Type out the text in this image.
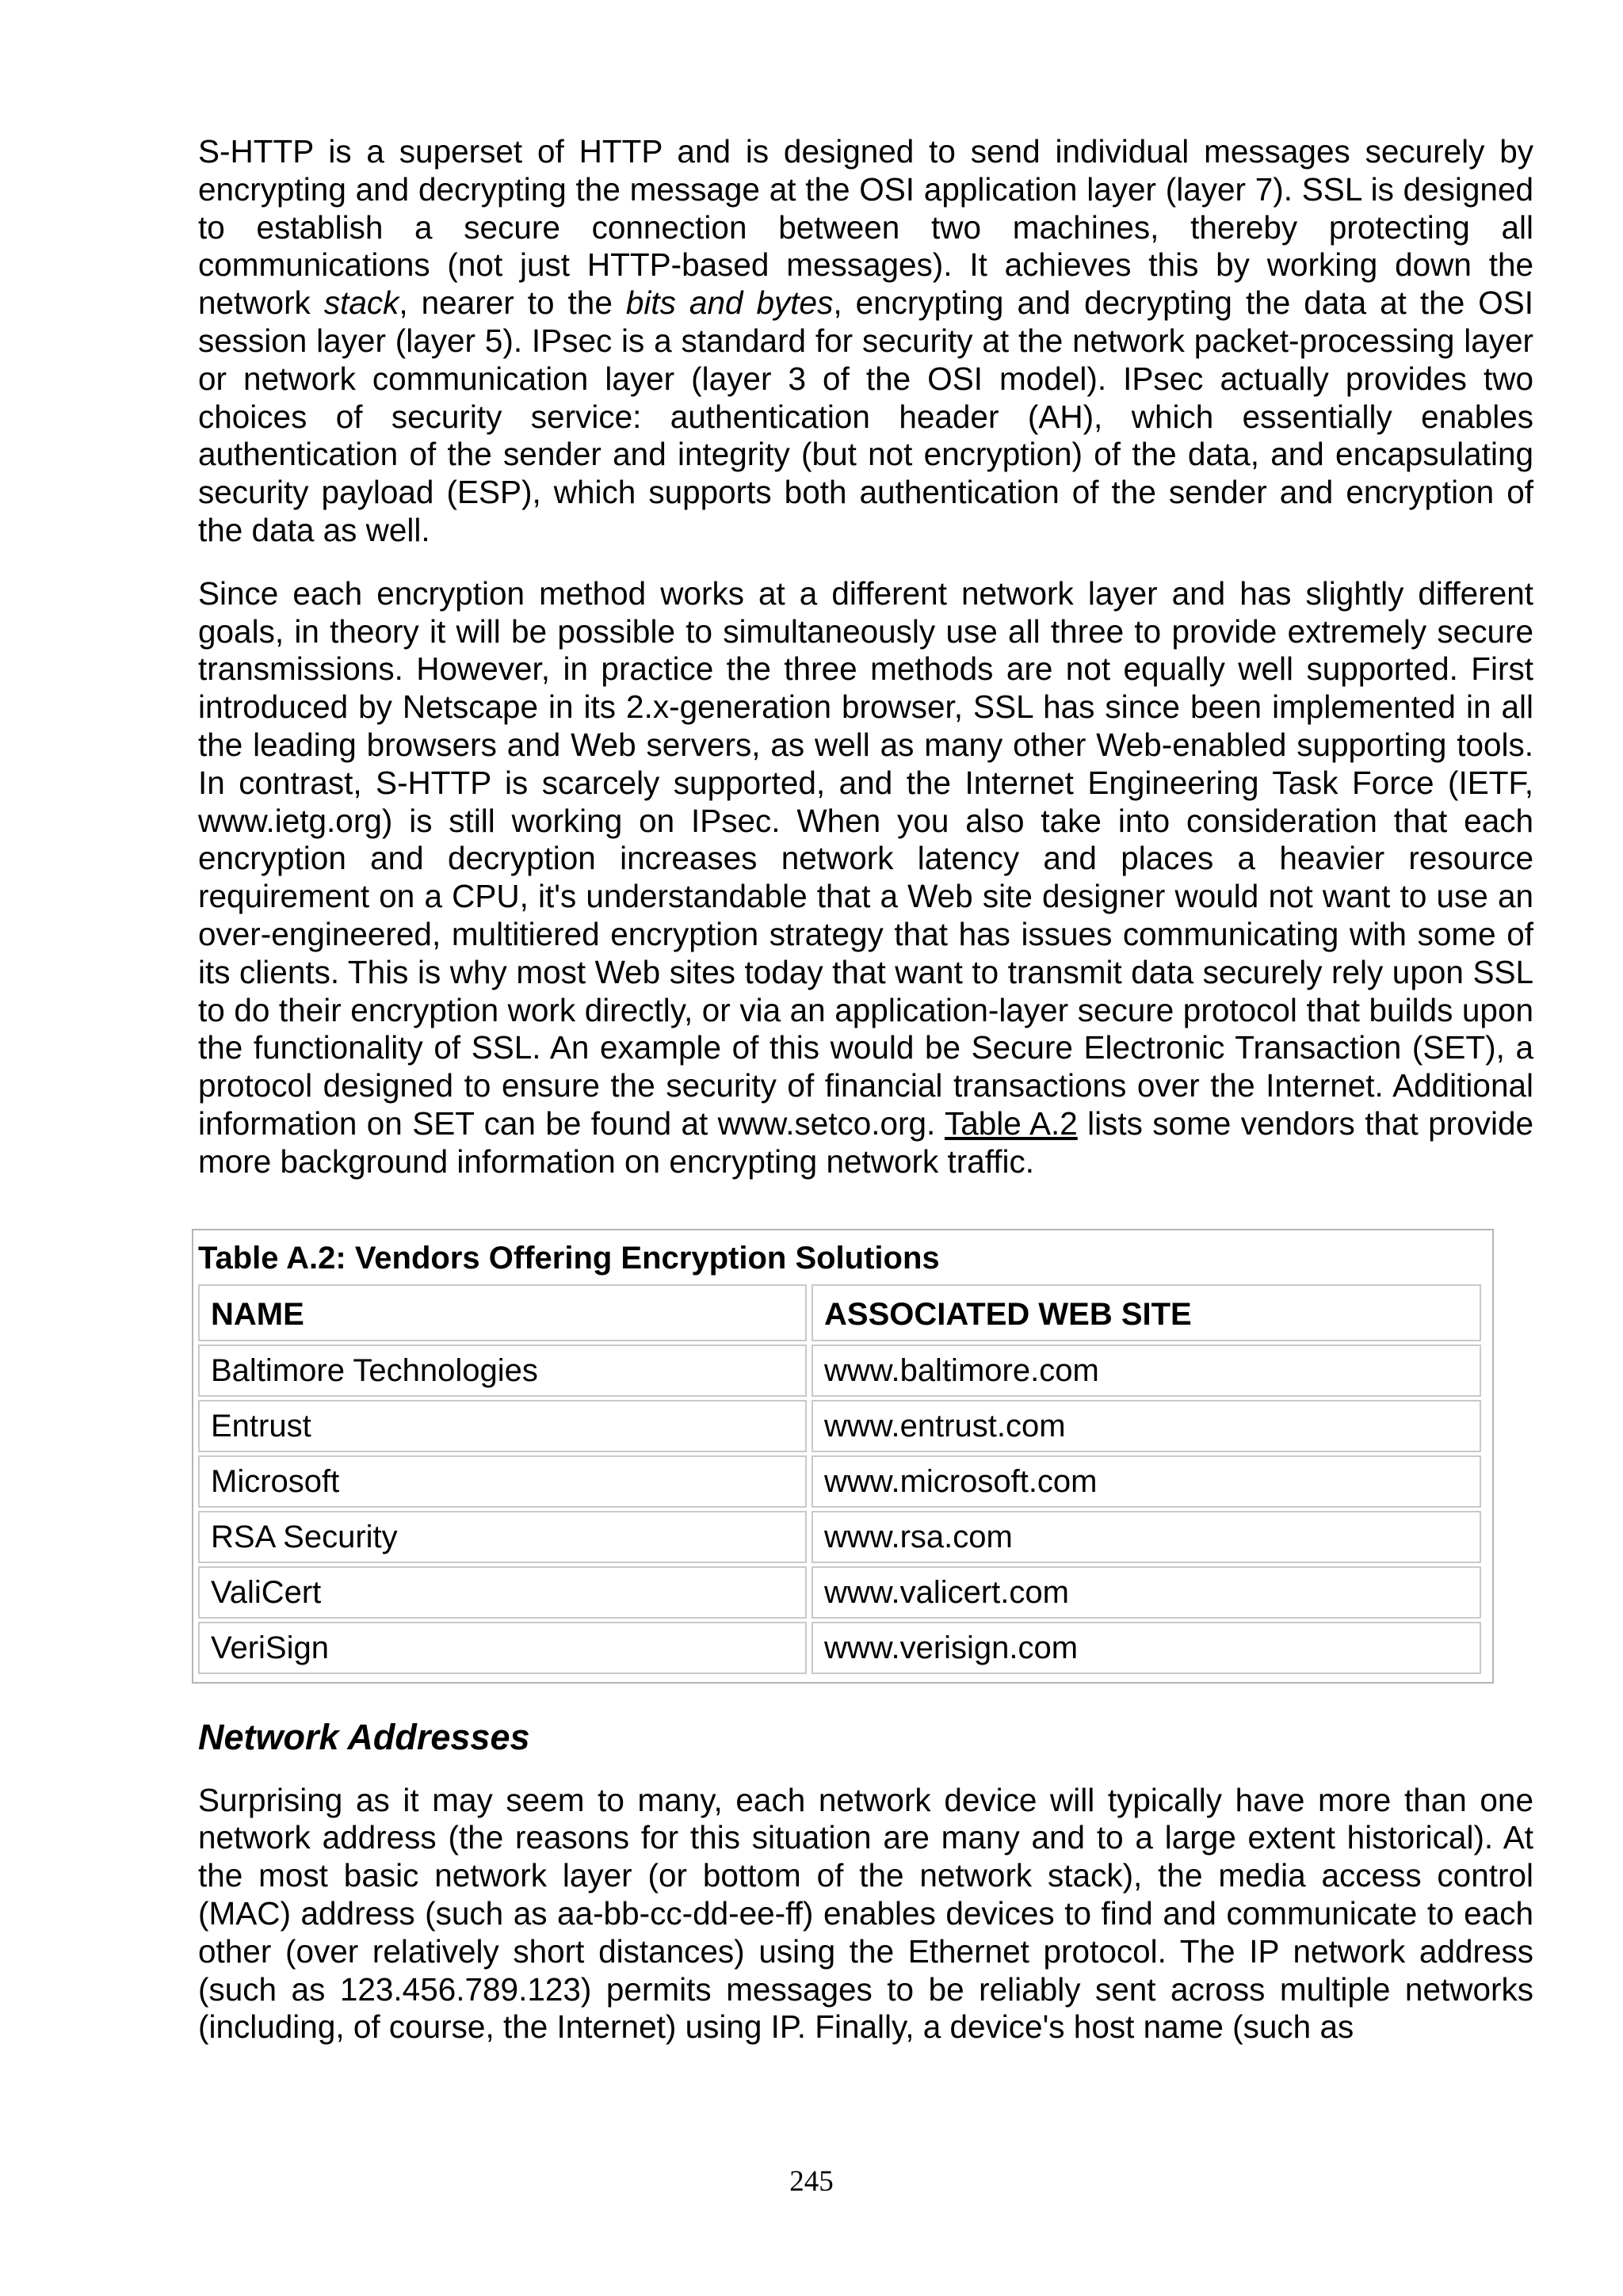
S-HTTP is a superset of HTTP and is designed to send individual messages securely by encrypting and decrypting the message at the OSI application layer (layer 7). SSL is designed to establish a secure connection between two machines, thereby protecting all communications (not just HTTP-based messages). It achieves this by working down the network stack, nearer to the bits and bytes, encrypting and decrypting the data at the OSI session layer (layer 5). IPsec is a standard for security at the network packet-processing layer or network communication layer (layer 3 of the OSI model). IPsec actually provides two choices of security service: authentication header (AH), which essentially enables authentication of the sender and integrity (but not encryption) of the data, and encapsulating security payload (ESP), which supports both authentication of the sender and encryption of the data as well.

Since each encryption method works at a different network layer and has slightly different goals, in theory it will be possible to simultaneously use all three to provide extremely secure transmissions. However, in practice the three methods are not equally well supported. First introduced by Netscape in its 2.x-generation browser, SSL has since been implemented in all the leading browsers and Web servers, as well as many other Web-enabled supporting tools. In contrast, S-HTTP is scarcely supported, and the Internet Engineering Task Force (IETF, www.ietg.org) is still working on IPsec. When you also take into consideration that each encryption and decryption increases network latency and places a heavier resource requirement on a CPU, it's understandable that a Web site designer would not want to use an over-engineered, multitiered encryption strategy that has issues communicating with some of its clients. This is why most Web sites today that want to transmit data securely rely upon SSL to do their encryption work directly, or via an application-layer secure protocol that builds upon the functionality of SSL. An example of this would be Secure Electronic Transaction (SET), a protocol designed to ensure the security of financial transactions over the Internet. Additional information on SET can be found at www.setco.org. Table A.2 lists some vendors that provide more background information on encrypting network traffic.

Table A.2: Vendors Offering Encryption Solutions
NAME	ASSOCIATED WEB SITE
Baltimore Technologies	www.baltimore.com
Entrust	www.entrust.com
Microsoft	www.microsoft.com
RSA Security	www.rsa.com
ValiCert	www.valicert.com
VeriSign	www.verisign.com
Network Addresses

Surprising as it may seem to many, each network device will typically have more than one network address (the reasons for this situation are many and to a large extent historical). At the most basic network layer (or bottom of the network stack), the media access control (MAC) address (such as aa-bb-cc-dd-ee-ff) enables devices to find and communicate to each other (over relatively short distances) using the Ethernet protocol. The IP network address (such as 123.456.789.123) permits messages to be reliably sent across multiple networks (including, of course, the Internet) using IP. Finally, a device's host name (such as

245
